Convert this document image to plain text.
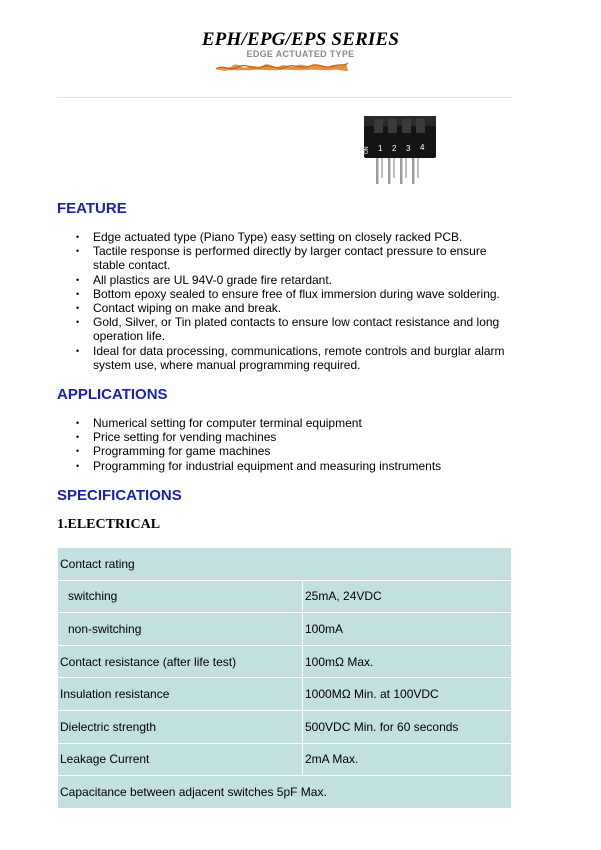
EPH/EPG/EPS SERIES
EDGE ACTUATED TYPE
1 2 3 4
ON
FEATURE
• Edge actuated type (Piano Type) easy setting on closely racked PCB.
• Tactile response is performed directly by larger contact pressure to ensure stable contact.
• All plastics are UL 94V-0 grade fire retardant.
• Bottom epoxy sealed to ensure free of flux immersion during wave soldering.
• Contact wiping on make and break.
• Gold, Silver, or Tin plated contacts to ensure low contact resistance and long operation life.
• Ideal for data processing, communications, remote controls and burglar alarm system use, where manual programming required.
APPLICATIONS
• Numerical setting for computer terminal equipment
• Price setting for vending machines
• Programming for game machines
• Programming for industrial equipment and measuring instruments
SPECIFICATIONS
1.ELECTRICAL
Contact rating	
switching	25mA, 24VDC
non-switching	100mA
Contact resistance (after life test)	100mΩ Max.
Insulation resistance	1000MΩ Min. at 100VDC
Dielectric strength	500VDC Min. for 60 seconds
Leakage Current	2mA Max.
Capacitance between adjacent switches 5pF Max.	
